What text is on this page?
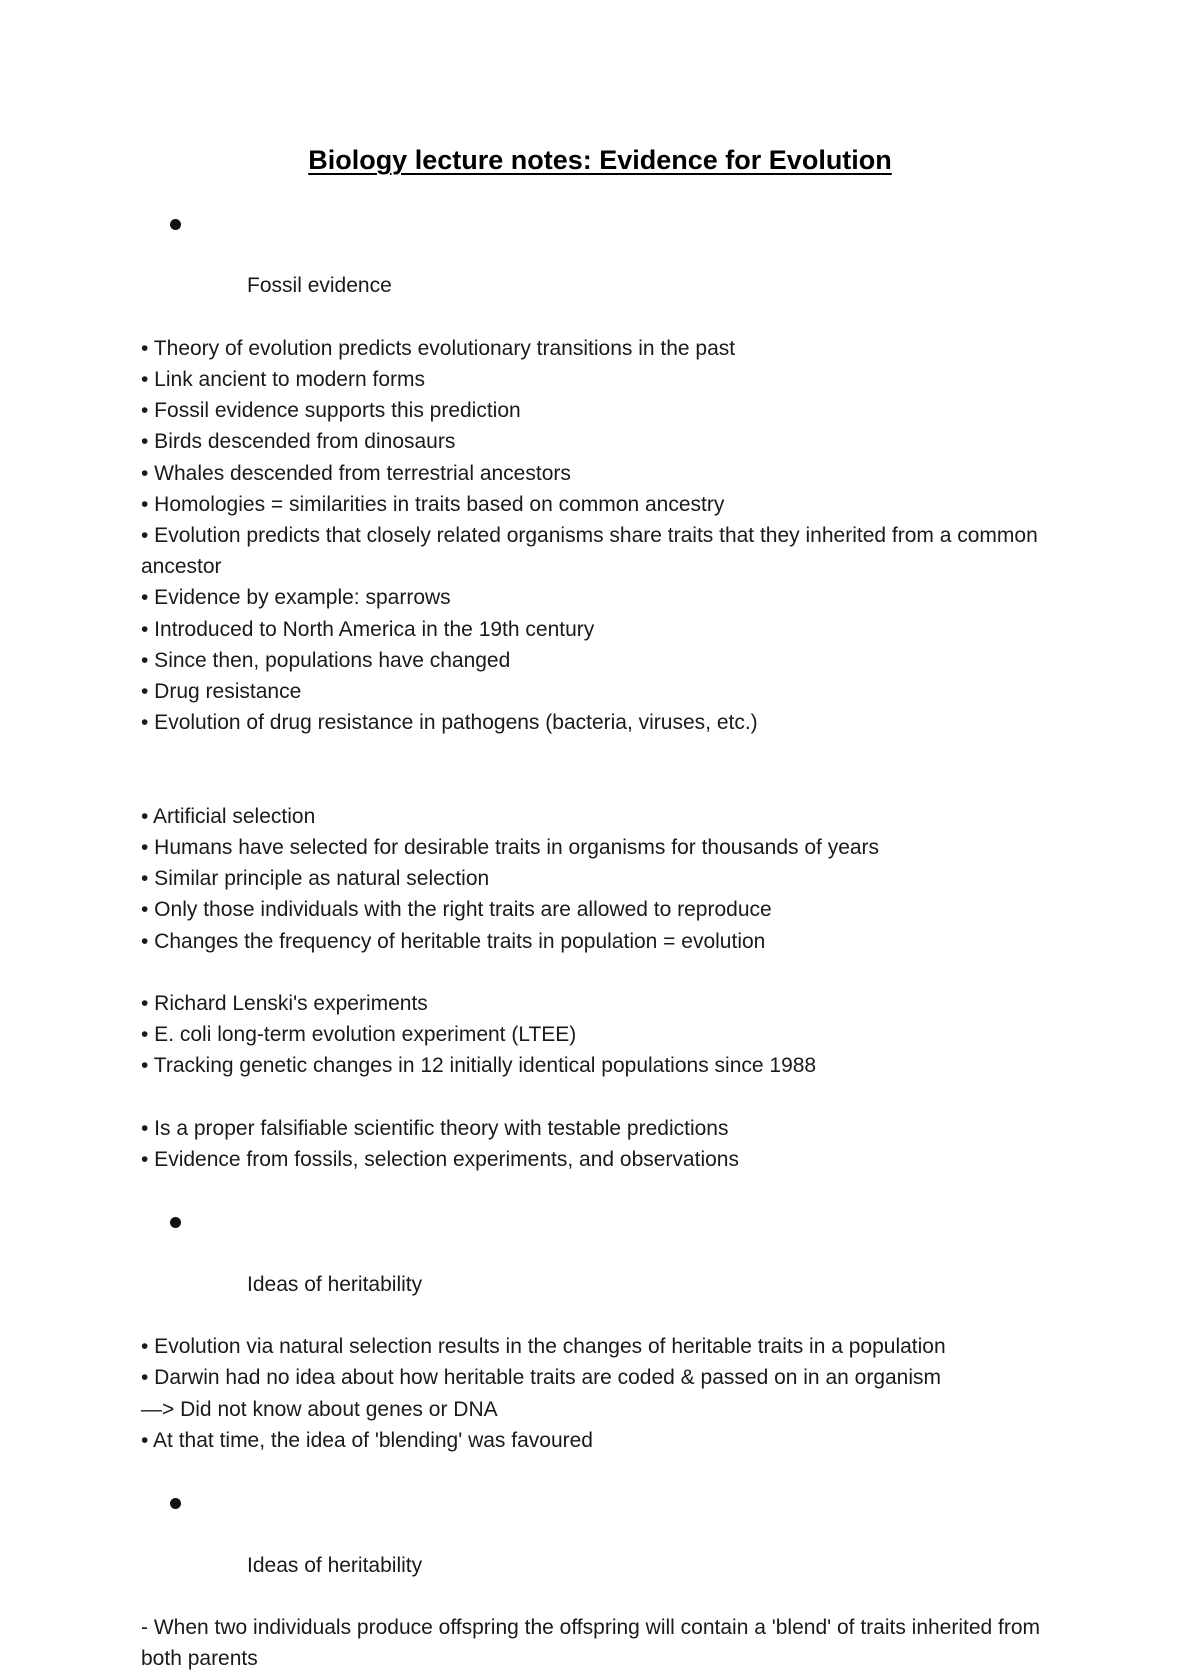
Biology lecture notes: Evidence for Evolution

Fossil evidence

• Theory of evolution predicts evolutionary transitions in the past
• Link ancient to modern forms
• Fossil evidence supports this prediction
• Birds descended from dinosaurs
• Whales descended from terrestrial ancestors
• Homologies = similarities in traits based on common ancestry
• Evolution predicts that closely related organisms share traits that they inherited from a common ancestor
• Evidence by example: sparrows
• Introduced to North America in the 19th century
• Since then, populations have changed
• Drug resistance
• Evolution of drug resistance in pathogens (bacteria, viruses, etc.)
• Artificial selection
• Humans have selected for desirable traits in organisms for thousands of years
• Similar principle as natural selection
• Only those individuals with the right traits are allowed to reproduce
• Changes the frequency of heritable traits in population = evolution
• Richard Lenski's experiments
• E. coli long-term evolution experiment (LTEE)
• Tracking genetic changes in 12 initially identical populations since 1988
• Is a proper falsifiable scientific theory with testable predictions
• Evidence from fossils, selection experiments, and observations

Ideas of heritability

• Evolution via natural selection results in the changes of heritable traits in a population
• Darwin had no idea about how heritable traits are coded & passed on in an organism
—> Did not know about genes or DNA
• At that time, the idea of 'blending' was favoured

Ideas of heritability

- When two individuals produce offspring the offspring will contain a 'blend' of traits inherited from both parents
